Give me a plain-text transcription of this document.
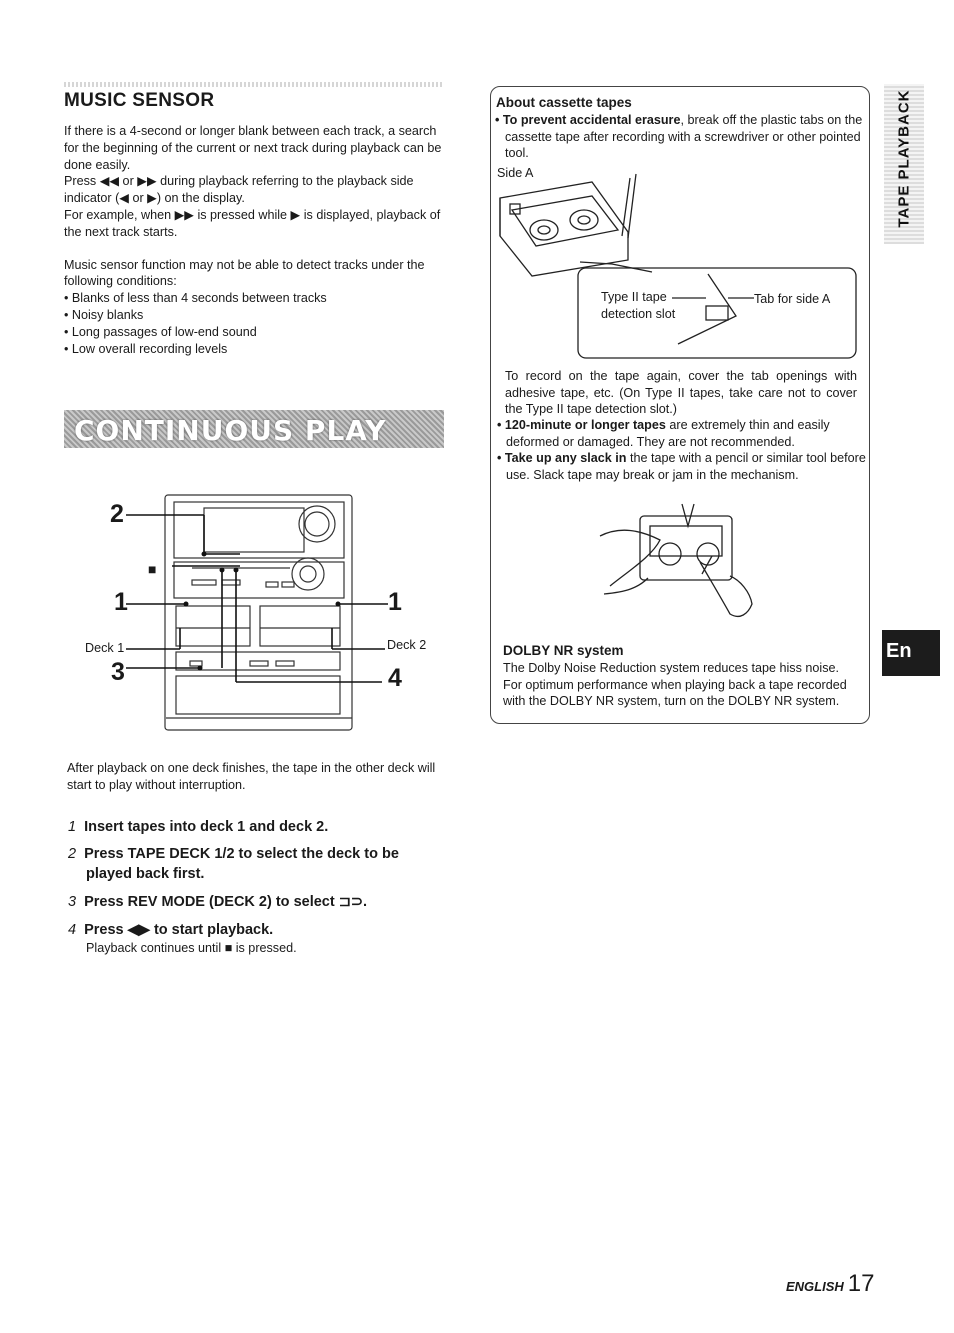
MUSIC SENSOR

If there is a 4-second or longer blank between each track, a search for the beginning of the current or next track during playback can be done easily.

Press ◀◀ or ▶▶ during playback referring to the playback side indicator (◀ or ▶) on the display.

For example, when ▶▶ is pressed while ▶ is displayed, playback of the next track starts.

Music sensor function may not be able to detect tracks under the following conditions:

• Blanks of less than 4 seconds between tracks
• Noisy blanks
• Long passages of low-end sound
• Low overall recording levels
CONTINUOUS PLAY
2
■
1	1
Deck 1	Deck 2
3	4
After playback on one deck finishes, the tape in the other deck will start to play without interruption.
1 Insert tapes into deck 1 and deck 2.
2 Press TAPE DECK 1/2 to select the deck to be played back first.
3 Press REV MODE (DECK 2) to select ⊐⊃.
4 Press ◀▶ to start playback.
Playback continues until ■ is pressed.
About cassette tapes
• To prevent accidental erasure, break off the plastic tabs on the cassette tape after recording with a screwdriver or other pointed tool.
Side A
Type II tape detection slot
Tab for side A
To record on the tape again, cover the tab openings with adhesive tape, etc. (On Type II tapes, take care not to cover the Type II tape detection slot.)
• 120-minute or longer tapes are extremely thin and easily deformed or damaged. They are not recommended.
• Take up any slack in the tape with a pencil or similar tool before use. Slack tape may break or jam in the mechanism.
DOLBY NR system
The Dolby Noise Reduction system reduces tape hiss noise. For optimum performance when playing back a tape recorded with the DOLBY NR system, turn on the DOLBY NR system.
TAPE PLAYBACK
En
ENGLISH 17
